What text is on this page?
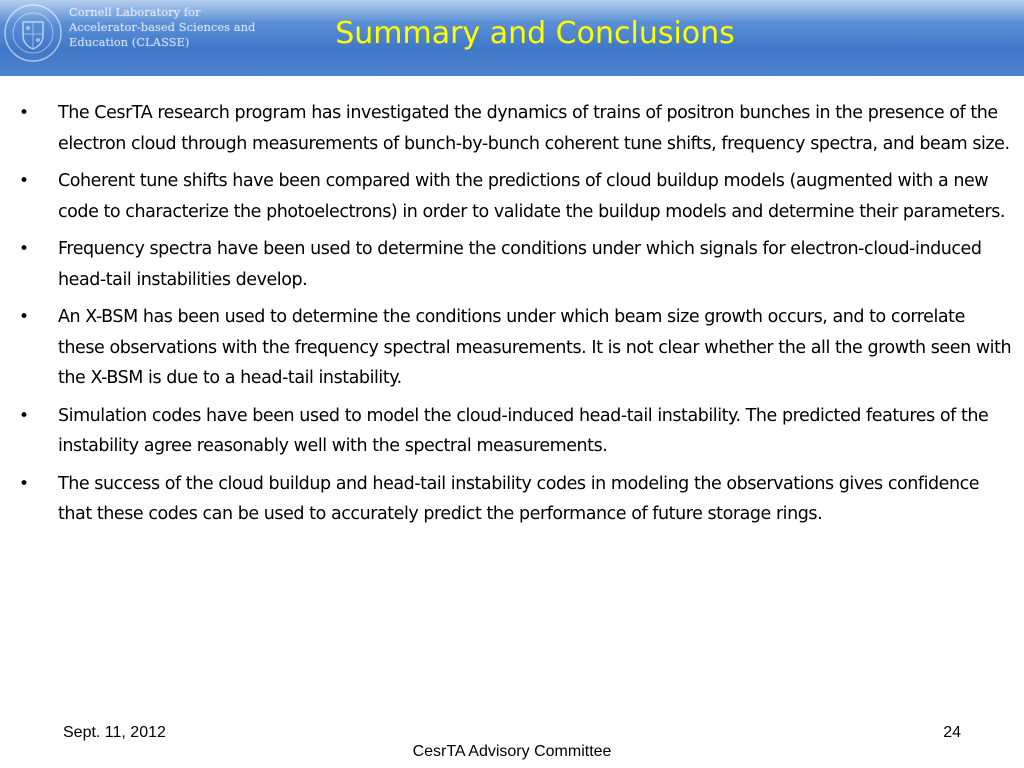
Cornell Laboratory for
Accelerator-based Sciences and
Education (CLASSE)	Summary and Conclusions
• The CesrTA research program has investigated the dynamics of trains of positron bunches in the presence of the electron cloud through measurements of bunch-by-bunch coherent tune shifts, frequency spectra, and beam size.
• Coherent tune shifts have been compared with the predictions of cloud buildup models (augmented with a new code to characterize the photoelectrons) in order to validate the buildup models and determine their parameters.
• Frequency spectra have been used to determine the conditions under which signals for electron-cloud-induced head-tail instabilities develop.
• An X-BSM has been used to determine the conditions under which beam size growth occurs, and to correlate these observations with the frequency spectral measurements. It is not clear whether the all the growth seen with the X-BSM is due to a head-tail instability.
• Simulation codes have been used to model the cloud-induced head-tail instability. The predicted features of the instability agree reasonably well with the spectral measurements.
• The success of the cloud buildup and head-tail instability codes in modeling the observations gives confidence that these codes can be used to accurately predict the performance of future storage rings.
Sept. 11, 2012	24
CesrTA Advisory Committee
